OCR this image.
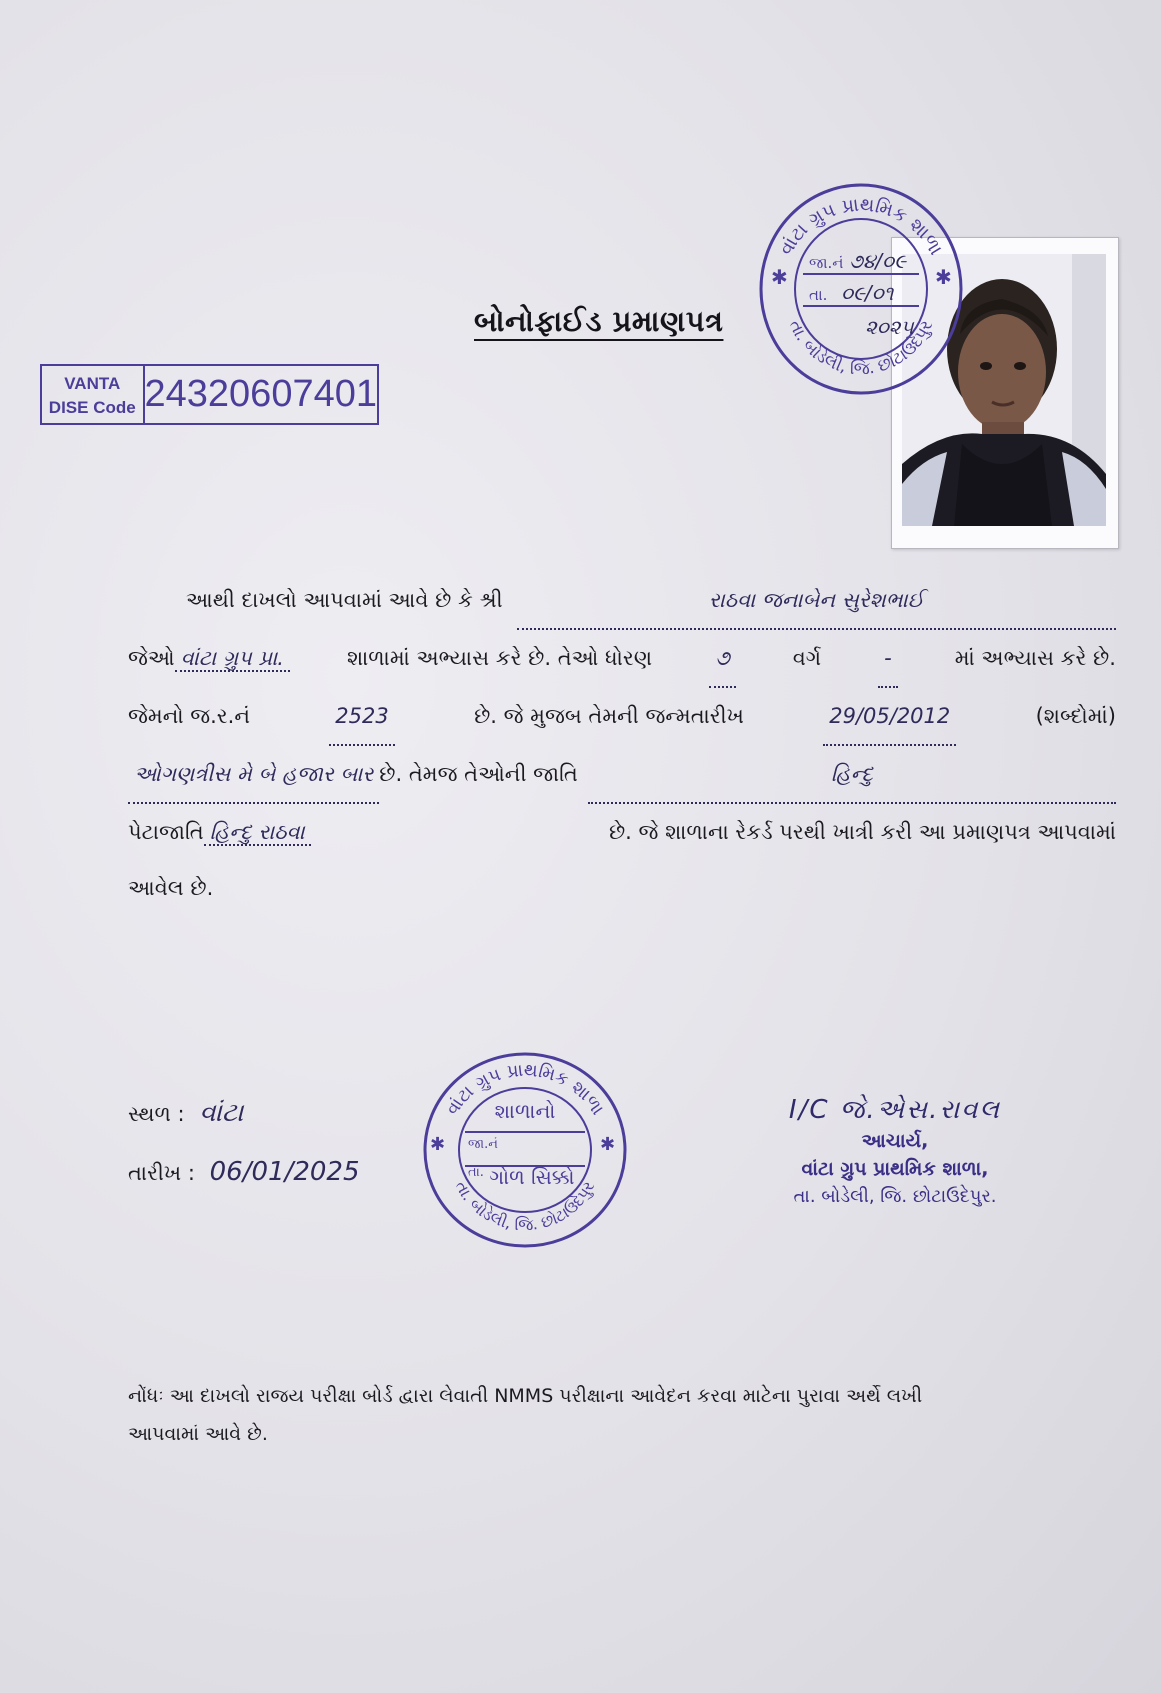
બોનોફાઈડ પ્રમાણપત્ર
VANTA
DISE Code 24320607401
વાંટા ગ્રુપ પ્રાથમિક શાળા
તા. બોડેલી, જિ. છોટાઉદેપુર
✱	✱
જા.નં ૭૪/૦૯
તા. ૦૯/૦૧
૨૦૨૫
આથી દાખલો આપવામાં આવે છે કે શ્રી	રાઠવા જનાબેન સુરેશભાઈ
જેઓ વાંટા ગ્રુપ પ્રા.	શાળામાં અભ્યાસ કરે છે. તેઓ ધોરણ	૭	વર્ગ	-	માં અભ્યાસ કરે છે.
જેમનો જ.ર.નં	2523	છે. જે મુજબ તેમની જન્મતારીખ	29/05/2012	(શબ્દોમાં)
ઓગણત્રીસ મે બે હજાર બાર છે. તેમજ તેઓની જાતિ	હિન્દુ
પેટાજાતિ હિન્દુ રાઠવા	છે. જે શાળાના રેકર્ડ પરથી ખાત્રી કરી આ પ્રમાણપત્ર આપવામાં
આવેલ છે.
સ્થળ : વાંટા
તારીખ : 06/01/2025
વાંટા ગ્રુપ પ્રાથમિક શાળા
તા. બોડેલી, જિ. છોટાઉદેપુર
✱	✱
શાળાનો
જા.નં
તા. ગોળ સિક્કો
I/C જે.એસ.રાવલ
આચાર્ય,
વાંટા ગ્રુપ પ્રાથમિક શાળા,
તા. બોડેલી, જિ. છોટાઉદેપુર.
નોંધઃ આ દાખલો રાજય પરીક્ષા બોર્ડ દ્વારા લેવાતી NMMS પરીક્ષાના આવેદન કરવા માટેના પુરાવા અર્થે લખી
આપવામાં આવે છે.
